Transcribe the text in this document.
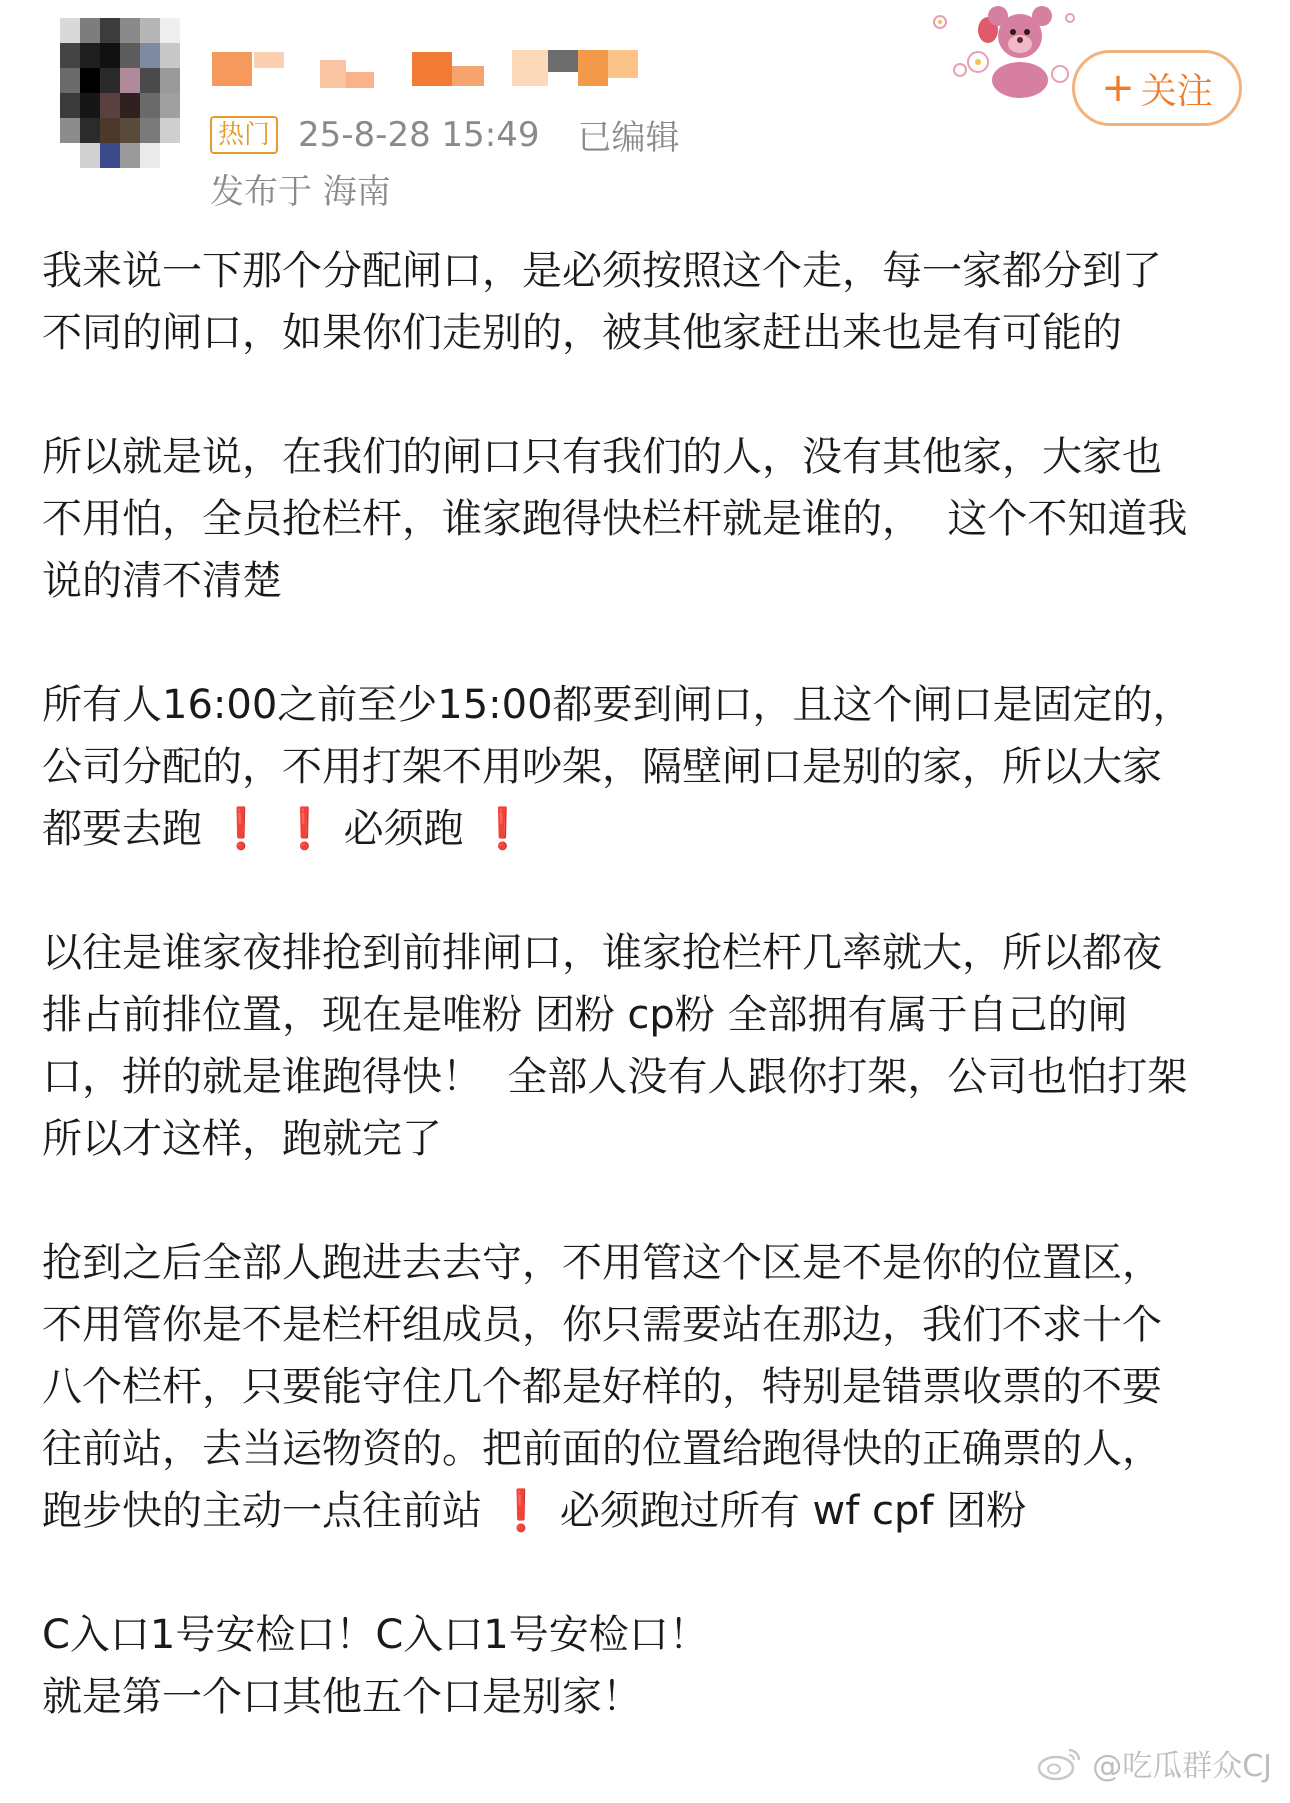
热门 25-8-28 15:49 已编辑
发布于 海南
+ 关注

我来说一下那个分配闸口，是必须按照这个走，每一家都分到了

不同的闸口，如果你们走别的，被其他家赶出来也是有可能的

所以就是说，在我们的闸口只有我们的人，没有其他家，大家也

不用怕，全员抢栏杆，谁家跑得快栏杆就是谁的，  这个不知道我

说的清不清楚

所有人16:00之前至少15:00都要到闸口，且这个闸口是固定的，

公司分配的，不用打架不用吵架，隔壁闸口是别的家，所以大家

都要去跑 ❗ ❗ 必须跑 ❗

以往是谁家夜排抢到前排闸口，谁家抢栏杆几率就大，所以都夜

排占前排位置，现在是唯粉 团粉 cp粉 全部拥有属于自己的闸

口，拼的就是谁跑得快！  全部人没有人跟你打架，公司也怕打架

所以才这样，跑就完了

抢到之后全部人跑进去去守，不用管这个区是不是你的位置区，

不用管你是不是栏杆组成员，你只需要站在那边，我们不求十个

八个栏杆，只要能守住几个都是好样的，特别是错票收票的不要

往前站，去当运物资的。把前面的位置给跑得快的正确票的人，

跑步快的主动一点往前站 ❗ 必须跑过所有 wf cpf 团粉

C入口1号安检口！C入口1号安检口！

就是第一个口其他五个口是别家！

@吃瓜群众CJ
